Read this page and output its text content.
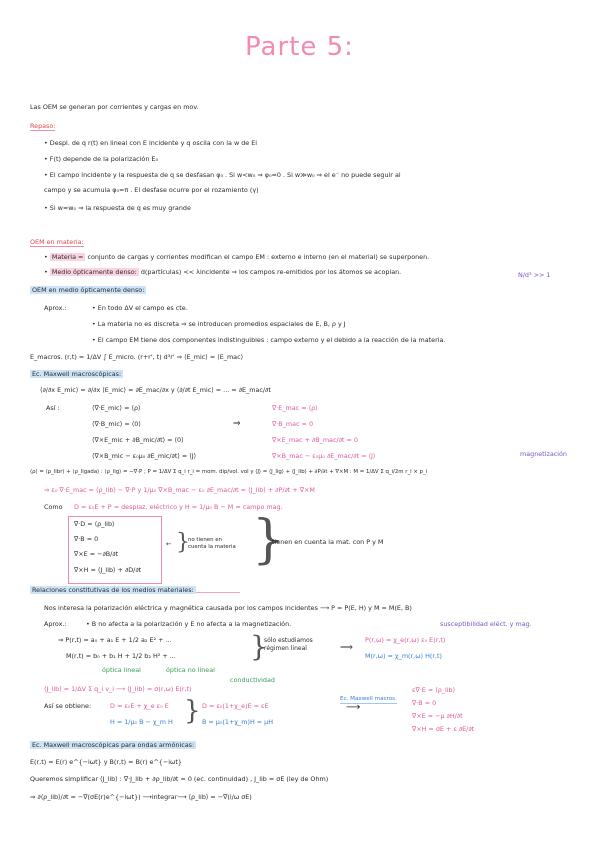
Parte 5:
Las OEM se generan por corrientes y cargas en mov.
Repaso:
• Despl. de q r(t) en lineal con E incidente y q oscila con la w de Ei
• F(t) depende de la polarización E₀
• El campo incidente y la respuesta de q se desfasan φ₀ . Si w<w₀ ⇒ φ₀≈0 . Si w≫w₀ ⇒ el e⁻ no puede seguir al
campo y se acumula φ₀=π . El desfase ocurre por el rozamiento (γ)
• Si w≈w₀ ⇒ la respuesta de q es muy grande
OEM en materia:
• Materia = conjunto de cargas y corrientes modifican el campo EM : externo e interno (en el material) se superponen.
• Medio ópticamente denso: d(partículas) << λincidente ⇒ los campos re-emitidos por los átomos se acoplan.	N/d³ >> 1
OEM en medio ópticamente denso:
Aprox.:	• En todo ΔV el campo es cte.
• La materia no es discreta ⇒ se introducen promedios espaciales de E, B, ρ y J
• El campo EM tiene dos componentes indistinguibles : campo externo y el debido a la reacción de la materia.
E_macros. (r,t) = 1/ΔV ∫ E_micro. (r+r', t) d³r' ⇒ ⟨E_mic⟩ = ⟨E_mac⟩
Ec. Maxwell macroscópicas:
⟨∂/∂x E_mic⟩ = ∂/∂x ⟨E_mic⟩ = ∂E_mac/∂x y ⟨∂/∂t E_mic⟩ = ... = ∂E_mac/∂t
Así :	⟨∇·E_mic⟩ = ⟨ρ⟩
⟨∇·B_mic⟩ = ⟨0⟩
⟨∇×E_mic + ∂B_mic/∂t⟩ = ⟨0⟩
⟨∇×B_mic − ε₀μ₀ ∂E_mic/∂t⟩ = ⟨J⟩
⇒
∇·E_mac = ⟨ρ⟩
∇·B_mac = 0
∇×E_mac + ∂B_mac/∂t = 0
∇×B_mac − ε₀μ₀ ∂E_mac/∂t = ⟨J⟩	magnetización
⟨ρ⟩ = ⟨ρ_libr⟩ + ⟨ρ_ligada⟩ : ⟨ρ_lig⟩ = −∇·P ; P = 1/ΔV Σ q_i r_i = mom. dip/vol. vol y ⟨J⟩ = ⟨J_lig⟩ + ⟨J_lib⟩ + ∂P/∂t + ∇×M : M = 1/ΔV Σ q_i/2m r_i × p_i
⇒ ε₀ ∇·E_mac = ⟨ρ_lib⟩ − ∇·P y 1/μ₀ ∇×B_mac − ε₀ ∂E_mac/∂t = ⟨J_lib⟩ + ∂P/∂t + ∇×M
Como D = ε₀E + P = desplaz. eléctrico y H = 1/μ₀ B − M = campo mag.
∇·D = ⟨ρ_lib⟩
∇·B = 0
∇×E = −∂B/∂t
∇×H = ⟨J_lib⟩ + ∂D/∂t
← }
no tienen en cuenta la materia }
tienen en cuenta la mat. con P y M
Relaciones constitutivas de los medios materiales:
Nos interesa la polarización eléctrica y magnética causada por los campos incidentes ⟶ P = P(E, H) y M = M(E, B)
Aprox.:	• B no afecta a la polarización y E no afecta a la magnetización.	susceptibilidad eléct. y mag.
⇒ P(r,t) = a₀ + a₁ E + 1/2 a₂ E² + ...
M(r,t) = b₀ + b₁ H + 1/2 b₂ H² + ...	}
sólo estudiamos régimen lineal	⟹
P(r,ω) = χ_e(r,ω) ε₀ E(r,t)
M(r,ω) = χ_m(r,ω) H(r,t)
óptica lineal	óptica no lineal
conductividad
⟨J_lib⟩ = 1/ΔV Σ q_i v_i ⟶ ⟨J_lib⟩ = σ(r,ω) E(r,t)
Así se obtiene:	D = ε₀E + χ_e ε₀ E
H = 1/μ₀ B − χ_m H } D = ε₀(1+χ_e)E = εE
B = μ₀(1+χ_m)H = μH
Ec. Maxwell macros.
⟶
ε∇·E = ⟨ρ_lib⟩
∇·B = 0
∇×E = −μ ∂H/∂t
∇×H = σE + ε ∂E/∂t
Ec. Maxwell macroscópicas para ondas armónicas:
E(r,t) = E(r) e^{−iωt} y B(r,t) = B(r) e^{−iωt}
Queremos simplificar ⟨J_lib⟩ : ∇·J_lib + ∂ρ_lib/∂t = 0 (ec. continuidad) , J_lib = σE (ley de Ohm)
⇒ ∂⟨ρ_lib⟩/∂t = −∇(σE(r)e^{−iωt}) ⟶integrar⟶ ⟨ρ_lib⟩ = −∇(i/ω σE)
